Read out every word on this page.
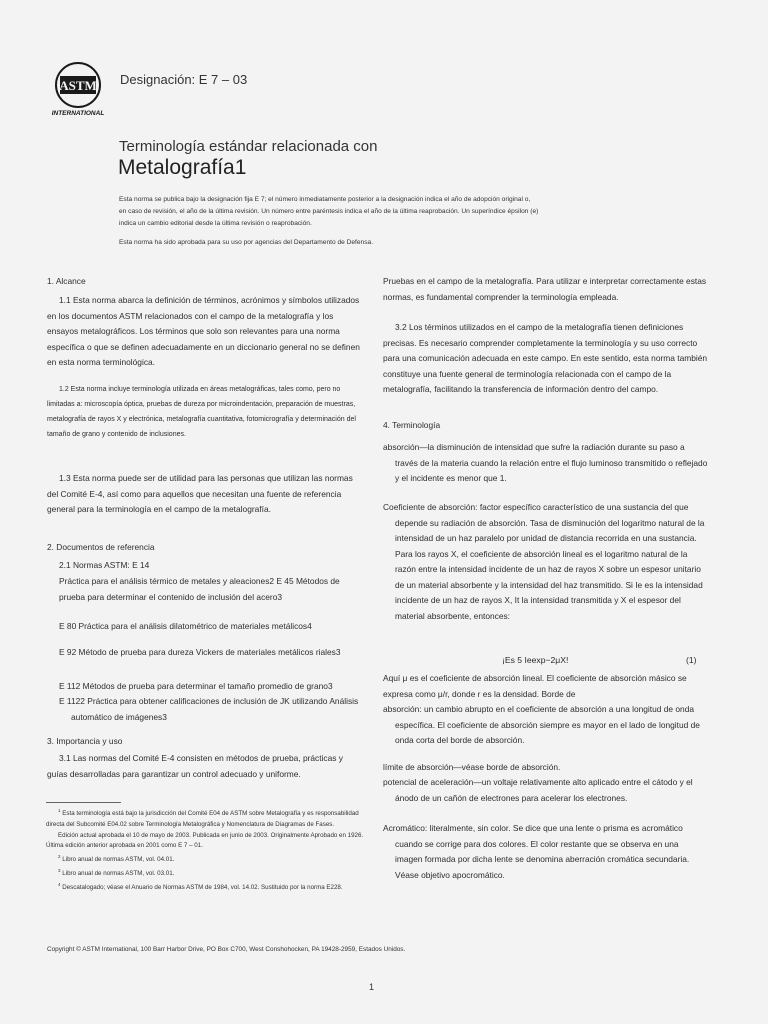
ASTM
INTERNATIONAL
Designación: E 7 – 03
Terminología estándar relacionada con
Metalografía1
Esta norma se publica bajo la designación fija E 7; el número inmediatamente posterior a la designación indica el año de adopción original o, en caso de revisión, el año de la última revisión. Un número entre paréntesis indica el año de la última reaprobación. Un superíndice épsilon (e) indica un cambio editorial desde la última revisión o reaprobación.
Esta norma ha sido aprobada para su uso por agencias del Departamento de Defensa.

1. Alcance

1.1 Esta norma abarca la definición de términos, acrónimos y símbolos utilizados en los documentos ASTM relacionados con el campo de la metalografía y los ensayos metalográficos. Los términos que solo son relevantes para una norma específica o que se definen adecuadamente en un diccionario general no se definen en esta norma terminológica.

1.2 Esta norma incluye terminología utilizada en áreas metalográficas, tales como, pero no limitadas a: microscopía óptica, pruebas de dureza por microindentación, preparación de muestras, metalografía de rayos X y electrónica, metalografía cuantitativa, fotomicrografía y determinación del tamaño de grano y contenido de inclusiones.

1.3 Esta norma puede ser de utilidad para las personas que utilizan las normas del Comité E-4, así como para aquellos que necesitan una fuente de referencia general para la terminología en el campo de la metalografía.

2. Documentos de referencia

2.1 Normas ASTM: E 14

Práctica para el análisis térmico de metales y aleaciones2 E 45 Métodos de prueba para determinar el contenido de inclusión del acero3

E 80 Práctica para el análisis dilatométrico de materiales metálicos4

E 92 Método de prueba para dureza Vickers de materiales metálicos riales3

E 112 Métodos de prueba para determinar el tamaño promedio de grano3

E 1122 Práctica para obtener calificaciones de inclusión de JK utilizando Análisis automático de imágenes3

3. Importancia y uso

3.1 Las normas del Comité E-4 consisten en métodos de prueba, prácticas y guías desarrolladas para garantizar un control adecuado y uniforme.

$^1$ Esta terminología está bajo la jurisdicción del Comité E04 de ASTM sobre Metalografía y es responsabilidad directa del Subcomité E04.02 sobre Terminología Metalográfica y Nomenclatura de Diagramas de Fases.

Edición actual aprobada el 10 de mayo de 2003. Publicada en junio de 2003. Originalmente Aprobado en 1926. Última edición anterior aprobada en 2001 como E 7 – 01.

$^2$ Libro anual de normas ASTM, vol. 04.01.

$^3$ Libro anual de normas ASTM, vol. 03.01.

$^4$ Descatalogado; véase el Anuario de Normas ASTM de 1984, vol. 14.02. Sustituido por la norma E228.

Pruebas en el campo de la metalografía. Para utilizar e interpretar correctamente estas normas, es fundamental comprender la terminología empleada.

3.2 Los términos utilizados en el campo de la metalografía tienen definiciones precisas. Es necesario comprender completamente la terminología y su uso correcto para una comunicación adecuada en este campo. En este sentido, esta norma también constituye una fuente general de terminología relacionada con el campo de la metalografía, facilitando la transferencia de información dentro del campo.

4. Terminología

absorción—la disminución de intensidad que sufre la radiación durante su paso a través de la materia cuando la relación entre el flujo luminoso transmitido o reflejado y el incidente es menor que 1.

Coeficiente de absorción: factor específico característico de una sustancia del que depende su radiación de absorción. Tasa de disminución del logaritmo natural de la intensidad de un haz paralelo por unidad de distancia recorrida en una sustancia. Para los rayos X, el coeficiente de absorción lineal es el logaritmo natural de la razón entre la intensidad incidente de un haz de rayos X sobre un espesor unitario de un material absorbente y la intensidad del haz transmitido. Si Ie es la intensidad incidente de un haz de rayos X, It la intensidad transmitida y X el espesor del material absorbente, entonces:

¡Es 5 Ieexp−2μX!	(1)

Aquí μ es el coeficiente de absorción lineal. El coeficiente de absorción másico se expresa como μ/r, donde r es la densidad. Borde de

absorción: un cambio abrupto en el coeficiente de absorción a una longitud de onda específica. El coeficiente de absorción siempre es mayor en el lado de longitud de onda corta del borde de absorción.

límite de absorción—véase borde de absorción.

potencial de aceleración—un voltaje relativamente alto aplicado entre el cátodo y el ánodo de un cañón de electrones para acelerar los electrones.

Acromático: literalmente, sin color. Se dice que una lente o prisma es acromático cuando se corrige para dos colores. El color restante que se observa en una imagen formada por dicha lente se denomina aberración cromática secundaria. Véase objetivo apocromático.

Copyright © ASTM International, 100 Barr Harbor Drive, PO Box C700, West Conshohocken, PA 19428-2959, Estados Unidos.
1
